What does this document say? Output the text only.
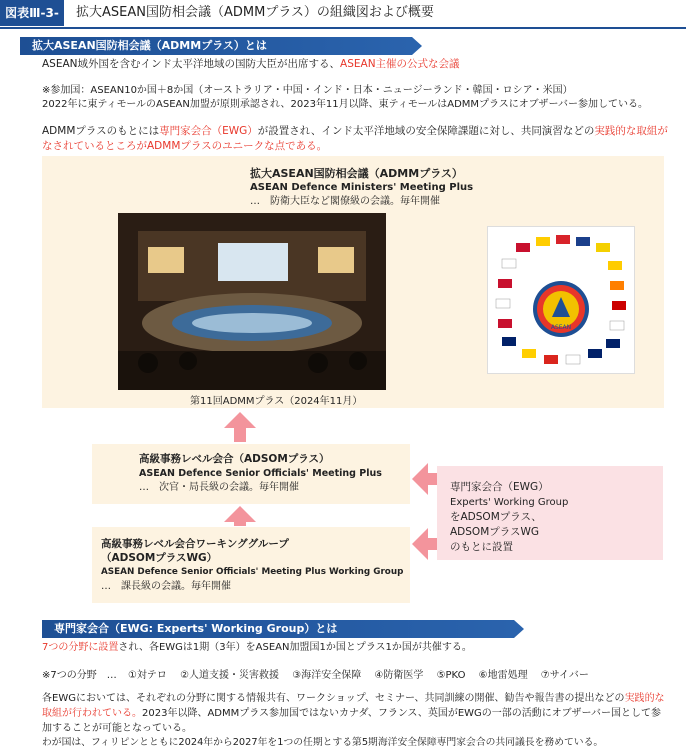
図表Ⅲ-3-	拡大ASEAN国防相会議（ADMMプラス）の組織図および概要
拡大ASEAN国防相会議（ADMMプラス）とは
ASEAN域外国を含むインド太平洋地域の国防大臣が出席する、ASEAN主催の公式な会議
※参加国：ASEAN10か国＋8か国（オーストラリア・中国・インド・日本・ニュージーランド・韓国・ロシア・米国）
2022年に東ティモールのASEAN加盟が原則承認され、2023年11月以降、東ティモールはADMMプラスにオブザーバー参加している。
ADMMプラスのもとには専門家会合（EWG）が設置され、インド太平洋地域の安全保障課題に対し、共同演習などの実践的な取組が
なされているところがADMMプラスのユニークな点である。
拡大ASEAN国防相会議（ADMMプラス）
ASEAN Defence Ministers' Meeting Plus
…　防衛大臣など閣僚級の会議。毎年開催
第11回ADMMプラス（2024年11月）
ASEAN
高級事務レベル会合（ADSOMプラス）
ASEAN Defence Senior Officials' Meeting Plus
…　次官・局長級の会議。毎年開催
高級事務レベル会合ワーキンググループ
（ADSOMプラスWG）
ASEAN Defence Senior Officials' Meeting Plus Working Group
…　課長級の会議。毎年開催
専門家会合（EWG）
Experts' Working Group
をADSOMプラス、
ADSOMプラスWG
のもとに設置
専門家会合（EWG: Experts' Working Group）とは
7つの分野に設置され、各EWGは1期（3年）をASEAN加盟国1か国とプラス1か国が共催する。
※7つの分野　… ①対テロ ②人道支援・災害救援 ③海洋安全保障 ④防衛医学 ⑤PKO ⑥地雷処理 ⑦サイバー
各EWGにおいては、それぞれの分野に関する情報共有、ワークショップ、セミナー、共同訓練の開催、勧告や報告書の提出などの実践的な取組が行われている。2023年以降、ADMMプラス参加国ではないカナダ、フランス、英国がEWGの一部の活動にオブザーバー国として参加することが可能となっている。
わが国は、フィリピンとともに2024年から2027年を1つの任期とする第5期海洋安全保障専門家会合の共同議長を務めている。
